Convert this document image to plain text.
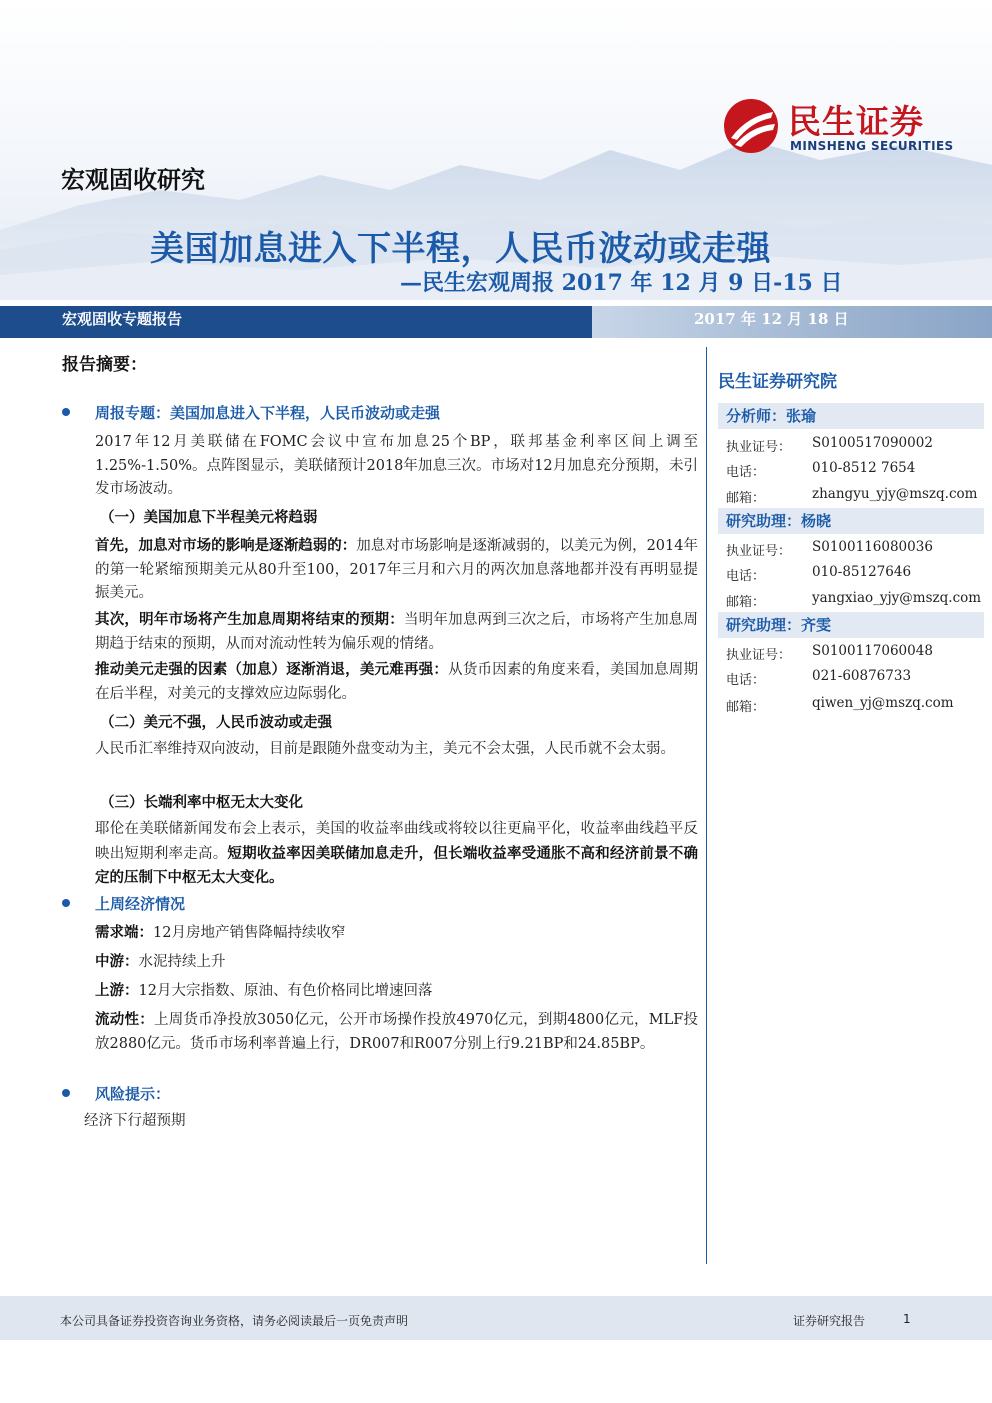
民生证券
MINSHENG SECURITIES
宏观固收研究
美国加息进入下半程，人民币波动或走强
—民生宏观周报 2017 年 12 月 9 日-15 日
宏观固收专题报告	2017 年 12 月 18 日
报告摘要：
周报专题：美国加息进入下半程，人民币波动或走强
2017年12月美联储在FOMC会议中宣布加息25个BP，联邦基金利率区间上调至1.25%-1.50%。点阵图显示，美联储预计2018年加息三次。市场对12月加息充分预期，未引发市场波动。
（一）美国加息下半程美元将趋弱
首先，加息对市场的影响是逐渐趋弱的：加息对市场影响是逐渐减弱的，以美元为例，2014年的第一轮紧缩预期美元从80升至100，2017年三月和六月的两次加息落地都并没有再明显提振美元。
其次，明年市场将产生加息周期将结束的预期：当明年加息两到三次之后，市场将产生加息周期趋于结束的预期，从而对流动性转为偏乐观的情绪。
推动美元走强的因素（加息）逐渐消退，美元难再强：从货币因素的角度来看，美国加息周期在后半程，对美元的支撑效应边际弱化。
（二）美元不强，人民币波动或走强
人民币汇率维持双向波动，目前是跟随外盘变动为主，美元不会太强，人民币就不会太弱。
（三）长端利率中枢无太大变化
耶伦在美联储新闻发布会上表示，美国的收益率曲线或将较以往更扁平化，收益率曲线趋平反映出短期利率走高。短期收益率因美联储加息走升，但长端收益率受通胀不高和经济前景不确定的压制下中枢无太大变化。
上周经济情况
需求端：12月房地产销售降幅持续收窄
中游：水泥持续上升
上游：12月大宗指数、原油、有色价格同比增速回落
流动性：上周货币净投放3050亿元，公开市场操作投放4970亿元，到期4800亿元，MLF投放2880亿元。货币市场利率普遍上行，DR007和R007分别上行9.21BP和24.85BP。
风险提示：
经济下行超预期
民生证券研究院
分析师：张瑜
执业证号： S0100517090002
电话：	010-8512 7654
邮箱：	zhangyu_yjy@mszq.com
研究助理：杨晓
执业证号： S0100116080036
电话：	010-85127646
邮箱：	yangxiao_yjy@mszq.com
研究助理：齐雯
执业证号： S0100117060048
电话：	021-60876733
邮箱：	qiwen_yj@mszq.com
本公司具备证券投资咨询业务资格，请务必阅读最后一页免责声明	证券研究报告	1
